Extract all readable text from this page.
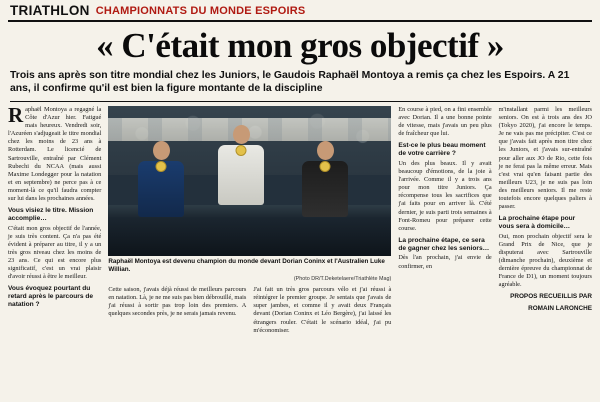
TRIATHLON CHAMPIONNATS DU MONDE ESPOIRS
« C'était mon gros objectif »
Trois ans après son titre mondial chez les Juniors, le Gaudois Raphaël Montoya a remis ça chez les Espoirs. A 21 ans, il confirme qu'il est bien la figure montante de la discipline

Raphaël Montoya a regagné la Côte d'Azur hier. Fatigué mais heureux. Vendredi soir, l'Azuréen s'adjugeait le titre mondial chez les moins de 23 ans à Rotterdam. Le licencié de Sartrouville, entraîné par Clément Rubechi du NCAA (mais aussi Maxime Londegger pour la natation et en septembre) ne perce pas à ce moment-là ce qu'il faudra compter sur lui dans les prochaines années.

Vous visiez le titre. Mission accomplie…

C'était mon gros objectif de l'année, je suis très content. Ça n'a pas été évident à préparer au titre, il y a un très gros niveau chez les moins de 23 ans. Ce qui est encore plus significatif, c'est un vrai plaisir d'avoir réussi à être le meilleur.

Vous évoquez pourtant du retard après le parcours de natation ?
Raphaël Montoya est devenu champion du monde devant Dorian Coninx et l'Australien Luke Willian.
(Photo DR/T.Deketelaere/Triathlète Mag)

Cette saison, j'avais déjà réussi de meilleurs parcours en natation. Là, je ne me suis pas bien débrouillé, mais j'ai réussi à sortir pas trop loin des premiers. A quelques secondes près, je ne serais jamais revenu.

J'ai fait un très gros parcours vélo et j'ai réussi à réintégrer le premier groupe. Je sentais que j'avais de super jambes, et comme il y avait deux Français devant (Dorian Coninx et Léo Bergère), j'ai laissé les étrangers rouler. C'était le scénario idéal, j'ai pu m'économiser.

En course à pied, on a fini ensemble avec Dorian. Il a une bonne pointe de vitesse, mais j'avais un peu plus de fraîcheur que lui.

Est-ce le plus beau moment de votre carrière ?

Un des plus beaux. Il y avait beaucoup d'émotions, de la joie à l'arrivée. Comme il y a trois ans pour mon titre Juniors. Ça récompense tous les sacrifices que j'ai faits pour en arriver là. C'été dernier, je suis parti trois semaines à Font-Romeu pour préparer cette course.

La prochaine étape, ce sera de gagner chez les seniors…

Dès l'an prochain, j'ai envie de confirmer, en

m'installant parmi les meilleurs seniors. On est à trois ans des JO (Tokyo 2020), j'ai encore le temps. Je ne vais pas me précipiter. C'est ce que j'avais fait après mon titre chez les Juniors, et j'avais sur-entraîné pour aller aux JO de Rio, cette fois je ne ferai pas la même erreur. Mais c'est vrai qu'en faisant partie des meilleurs U23, je ne suis pas loin des meilleurs seniors. Il me reste toutefois encore quelques paliers à passer.

La prochaine étape pour vous sera à domicile…

Oui, mon prochain objectif sera le Grand Prix de Nice, que je disputerai avec Sartrouville (dimanche prochain), deuxième et dernière épreuve du championnat de France de D1), un moment toujours agréable.

PROPOS RECUEILLIS PAR
ROMAIN LARONCHE
